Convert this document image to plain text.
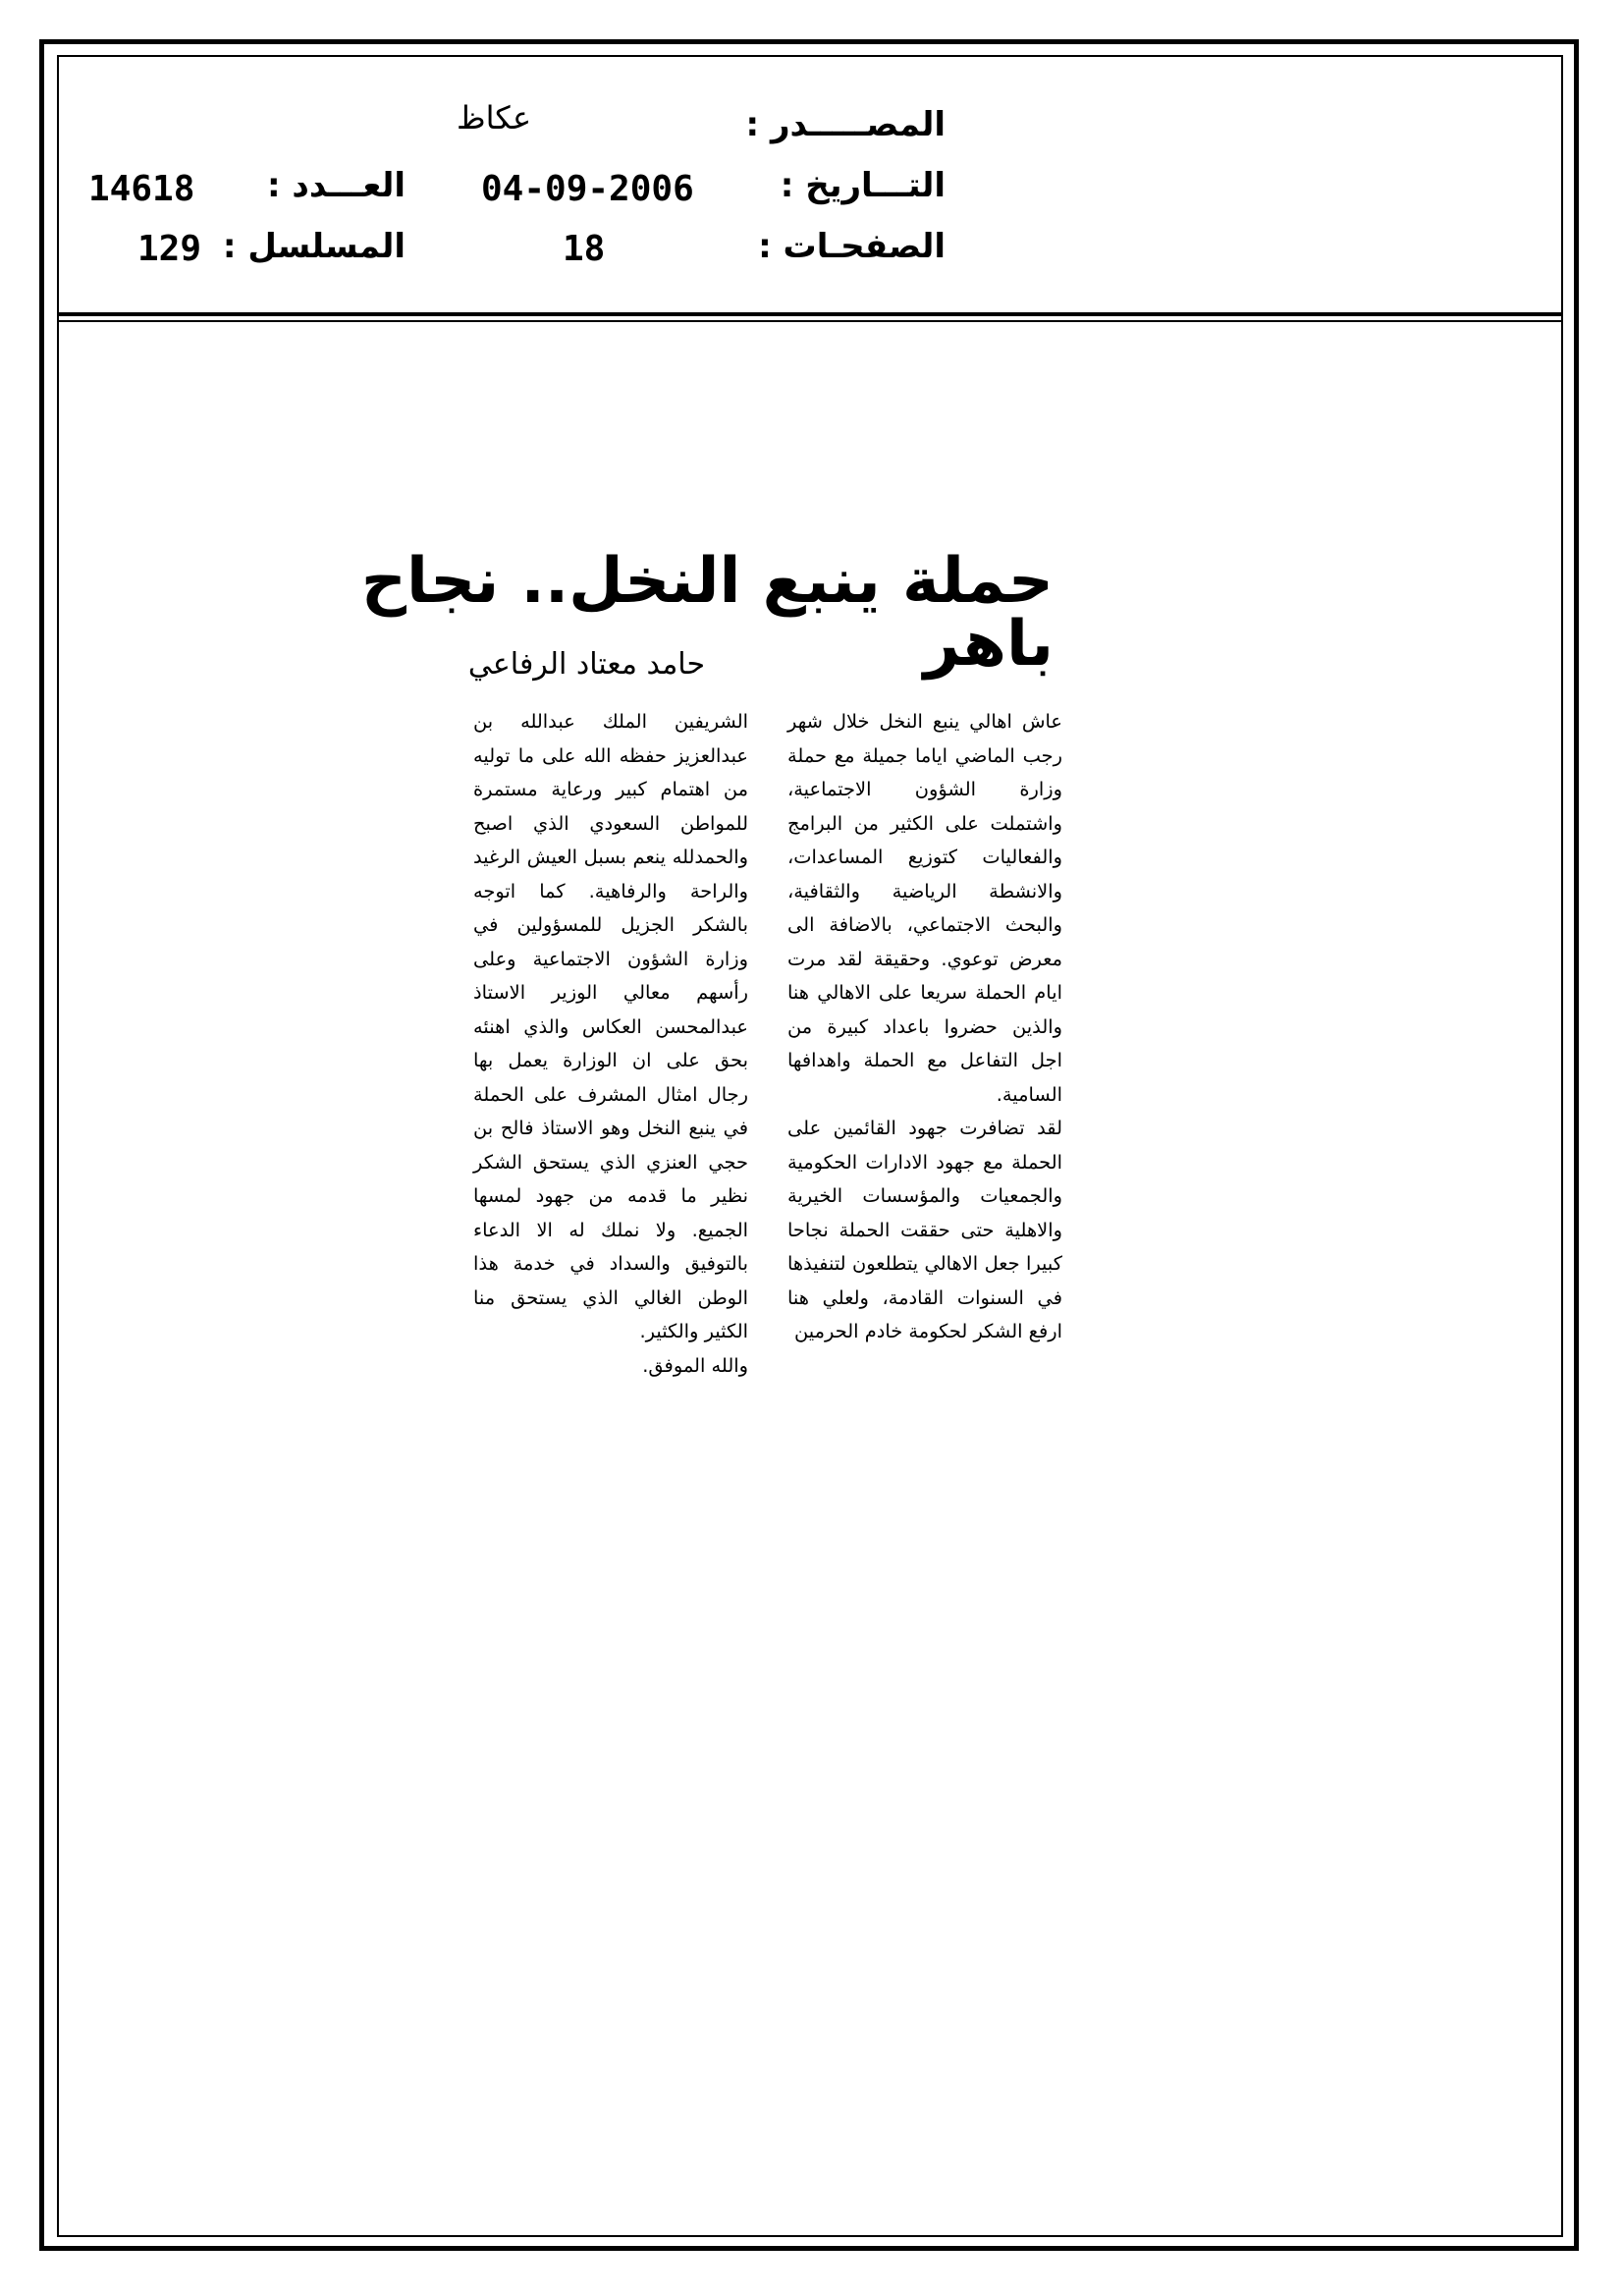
المصـــــدر :
عكاظ
التـــاريخ :
04-09-2006
العـــدد :
14618
الصفحـات :
18
المسلسل :
129
حملة ينبع النخل.. نجاح باهر
حامد معتاد الرفاعي

عاش اهالي ينبع النخل خلال شهر رجب الماضي اياما جميلة مع حملة وزارة الشؤون الاجتماعية، واشتملت على الكثير من البرامج والفعاليات كتوزيع المساعدات، والانشطة الرياضية والثقافية، والبحث الاجتماعي، بالاضافة الى معرض توعوي. وحقيقة لقد مرت ايام الحملة سريعا على الاهالي هنا والذين حضروا باعداد كبيرة من اجل التفاعل مع الحملة واهدافها السامية.

لقد تضافرت جهود القائمين على الحملة مع جهود الادارات الحكومية والجمعيات والمؤسسات الخيرية والاهلية حتى حققت الحملة نجاحا كبيرا جعل الاهالي يتطلعون لتنفيذها في السنوات القادمة، ولعلي هنا ارفع الشكر لحكومة خادم الحرمين

الشريفين الملك عبدالله بن عبدالعزيز حفظه الله على ما توليه من اهتمام كبير ورعاية مستمرة للمواطن السعودي الذي اصبح والحمدلله ينعم بسبل العيش الرغيد والراحة والرفاهية. كما اتوجه بالشكر الجزيل للمسؤولين في وزارة الشؤون الاجتماعية وعلى رأسهم معالي الوزير الاستاذ عبدالمحسن العكاس والذي اهنئه بحق على ان الوزارة يعمل بها رجال امثال المشرف على الحملة في ينبع النخل وهو الاستاذ فالح بن حجي العنزي الذي يستحق الشكر نظير ما قدمه من جهود لمسها الجميع. ولا نملك له الا الدعاء بالتوفيق والسداد في خدمة هذا الوطن الغالي الذي يستحق منا الكثير والكثير.

والله الموفق.
